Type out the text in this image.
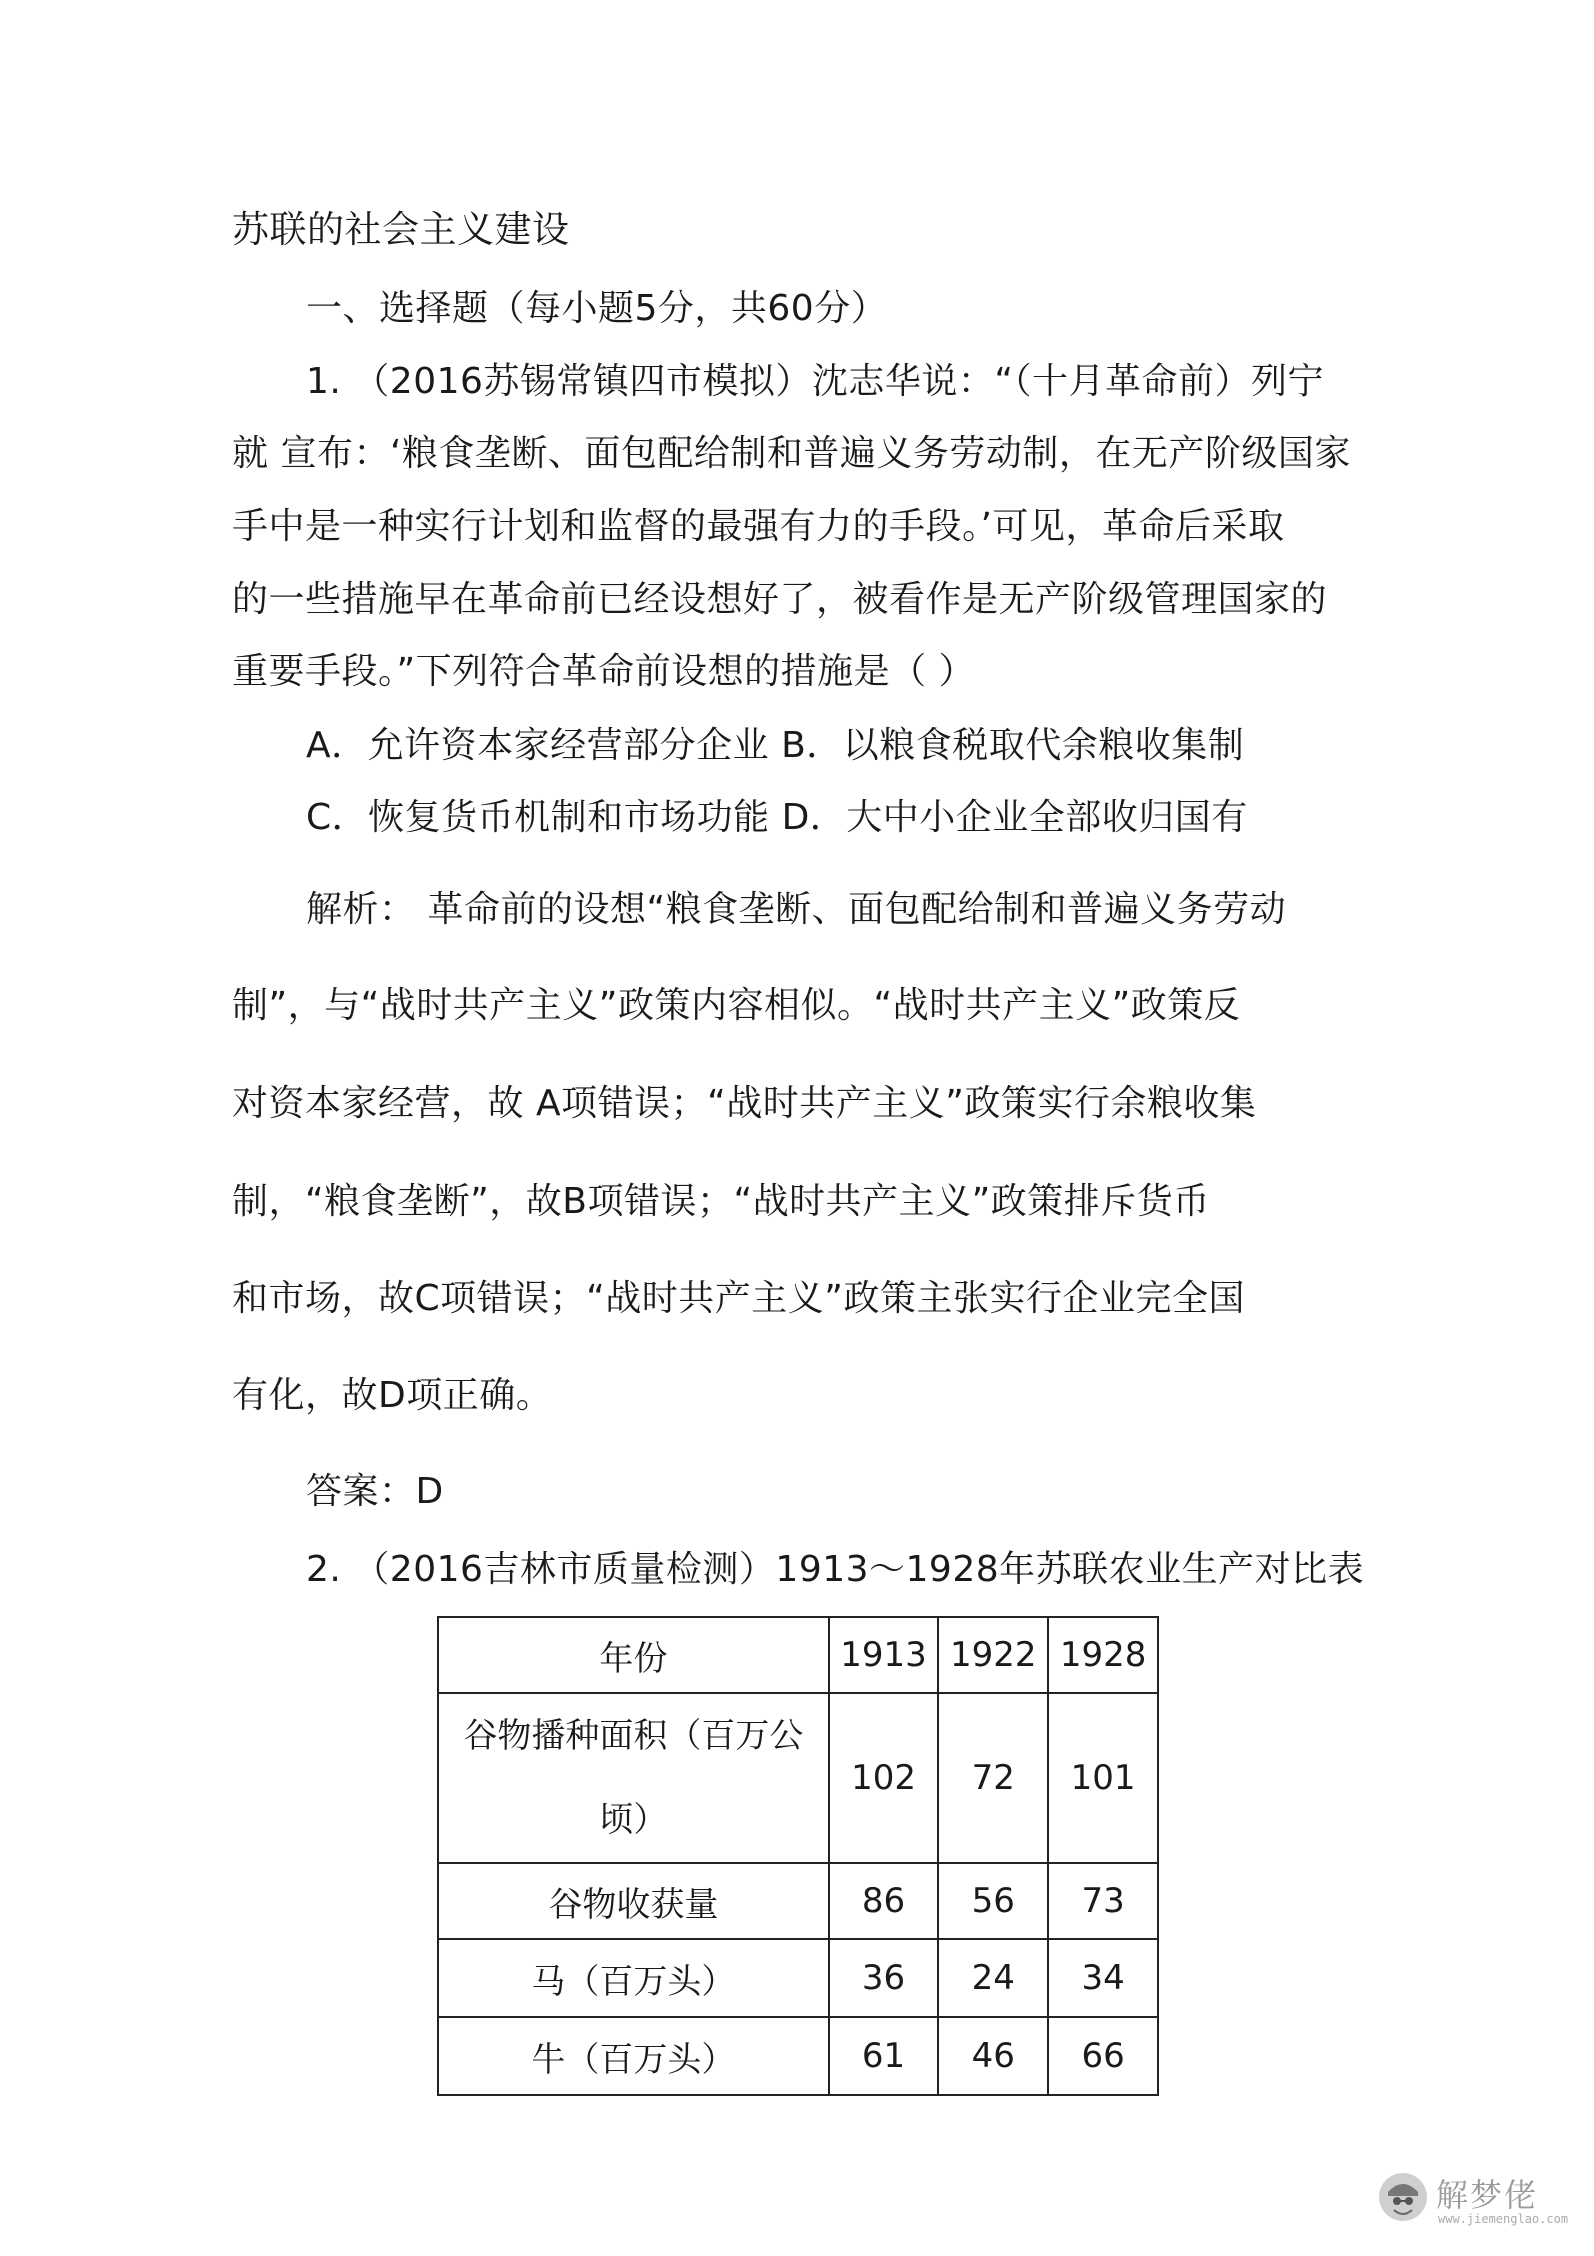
苏联的社会主义建设
一、选择题（每小题5分，共60分）
1. （2016苏锡常镇四市模拟）沈志华说：“（十月革命前）列宁
就 宣布：‘粮食垄断、面包配给制和普遍义务劳动制，在无产阶级国家
手中是一种实行计划和监督的最强有力的手段。’可见，革命后采取
的一些措施早在革命前已经设想好了，被看作是无产阶级管理国家的
重要手段。”下列符合革命前设想的措施是（ ）
A．允许资本家经营部分企业 B．以粮食税取代余粮收集制
C．恢复货币机制和市场功能 D．大中小企业全部收归国有
解析： 革命前的设想“粮食垄断、面包配给制和普遍义务劳动
制”，与“战时共产主义”政策内容相似。“战时共产主义”政策反
对资本家经营，故 A项错误；“战时共产主义”政策实行余粮收集
制，“粮食垄断”，故B项错误；“战时共产主义”政策排斥货币
和市场，故C项错误；“战时共产主义”政策主张实行企业完全国
有化，故D项正确。
答案：D
2. （2016吉林市质量检测）1913〜1928年苏联农业生产对比表
年份	1913	1922	1928

谷物播种面积（百万公
顷）	102	72	101
谷物收获量	86	56	73
马（百万头）	36	24	34
牛（百万头）	61	46	66
解梦佬
www.jiemenglao.com
